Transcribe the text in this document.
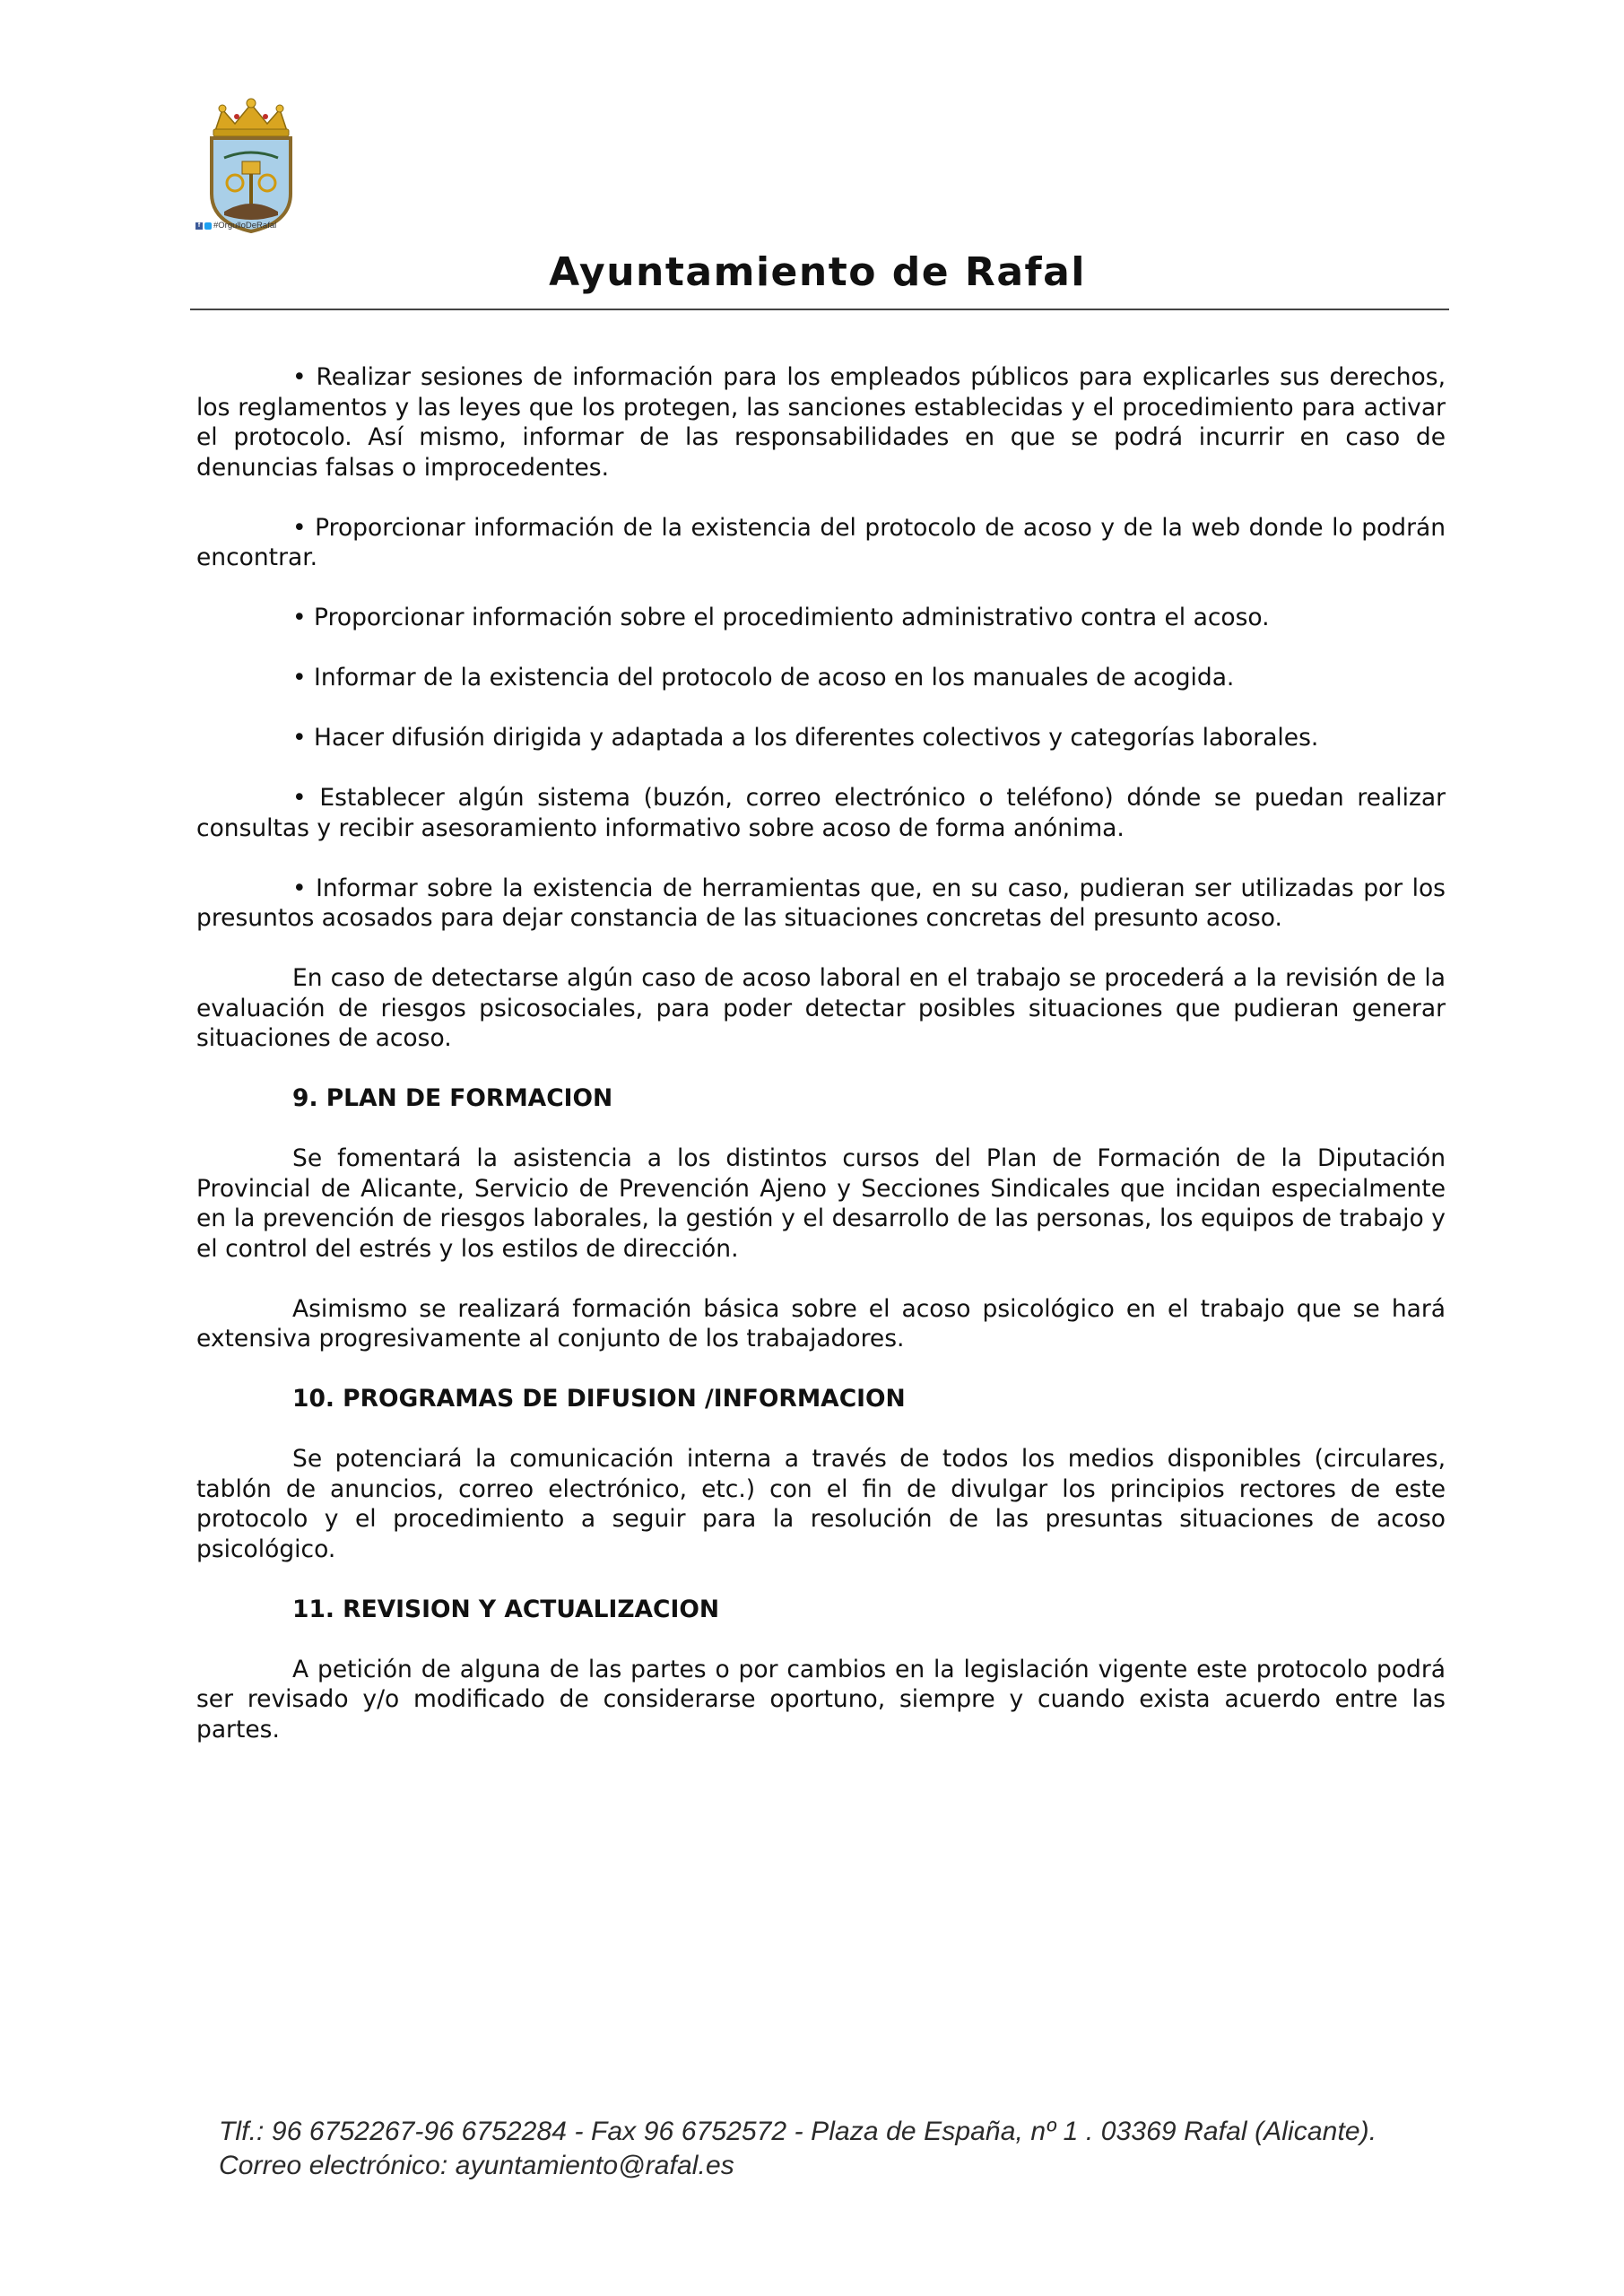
f #OrgulloDeRafal
Ayuntamiento de Rafal

• Realizar sesiones de información para los empleados públicos para explicarles sus derechos, los reglamentos y las leyes que los protegen, las sanciones establecidas y el procedimiento para activar el protocolo. Así mismo, informar de las responsabilidades en que se podrá incurrir en caso de denuncias falsas o improcedentes.

• Proporcionar información de la existencia del protocolo de acoso y de la web donde lo podrán encontrar.

• Proporcionar información sobre el procedimiento administrativo contra el acoso.

• Informar de la existencia del protocolo de acoso en los manuales de acogida.

• Hacer difusión dirigida y adaptada a los diferentes colectivos y categorías laborales.

• Establecer algún sistema (buzón, correo electrónico o teléfono) dónde se puedan realizar consultas y recibir asesoramiento informativo sobre acoso de forma anónima.

• Informar sobre la existencia de herramientas que, en su caso, pudieran ser utilizadas por los presuntos acosados para dejar constancia de las situaciones concretas del presunto acoso.

En caso de detectarse algún caso de acoso laboral en el trabajo se procederá a la revisión de la evaluación de riesgos psicosociales, para poder detectar posibles situaciones que pudieran generar situaciones de acoso.

9. PLAN DE FORMACION

Se fomentará la asistencia a los distintos cursos del Plan de Formación de la Diputación Provincial de Alicante, Servicio de Prevención Ajeno y Secciones Sindicales que incidan especialmente en la prevención de riesgos laborales, la gestión y el desarrollo de las personas, los equipos de trabajo y el control del estrés y los estilos de dirección.

Asimismo se realizará formación básica sobre el acoso psicológico en el trabajo que se hará extensiva progresivamente al conjunto de los trabajadores.

10. PROGRAMAS DE DIFUSION /INFORMACION

Se potenciará la comunicación interna a través de todos los medios disponibles (circulares, tablón de anuncios, correo electrónico, etc.) con el fin de divulgar los principios rectores de este protocolo y el procedimiento a seguir para la resolución de las presuntas situaciones de acoso psicológico.

11. REVISION Y ACTUALIZACION

A petición de alguna de las partes o por cambios en la legislación vigente este protocolo podrá ser revisado y/o modificado de considerarse oportuno, siempre y cuando exista acuerdo entre las partes.

Tlf.: 96 6752267-96 6752284 - Fax 96 6752572 - Plaza de España, nº 1 . 03369 Rafal (Alicante).
Correo electrónico: ayuntamiento@rafal.es
